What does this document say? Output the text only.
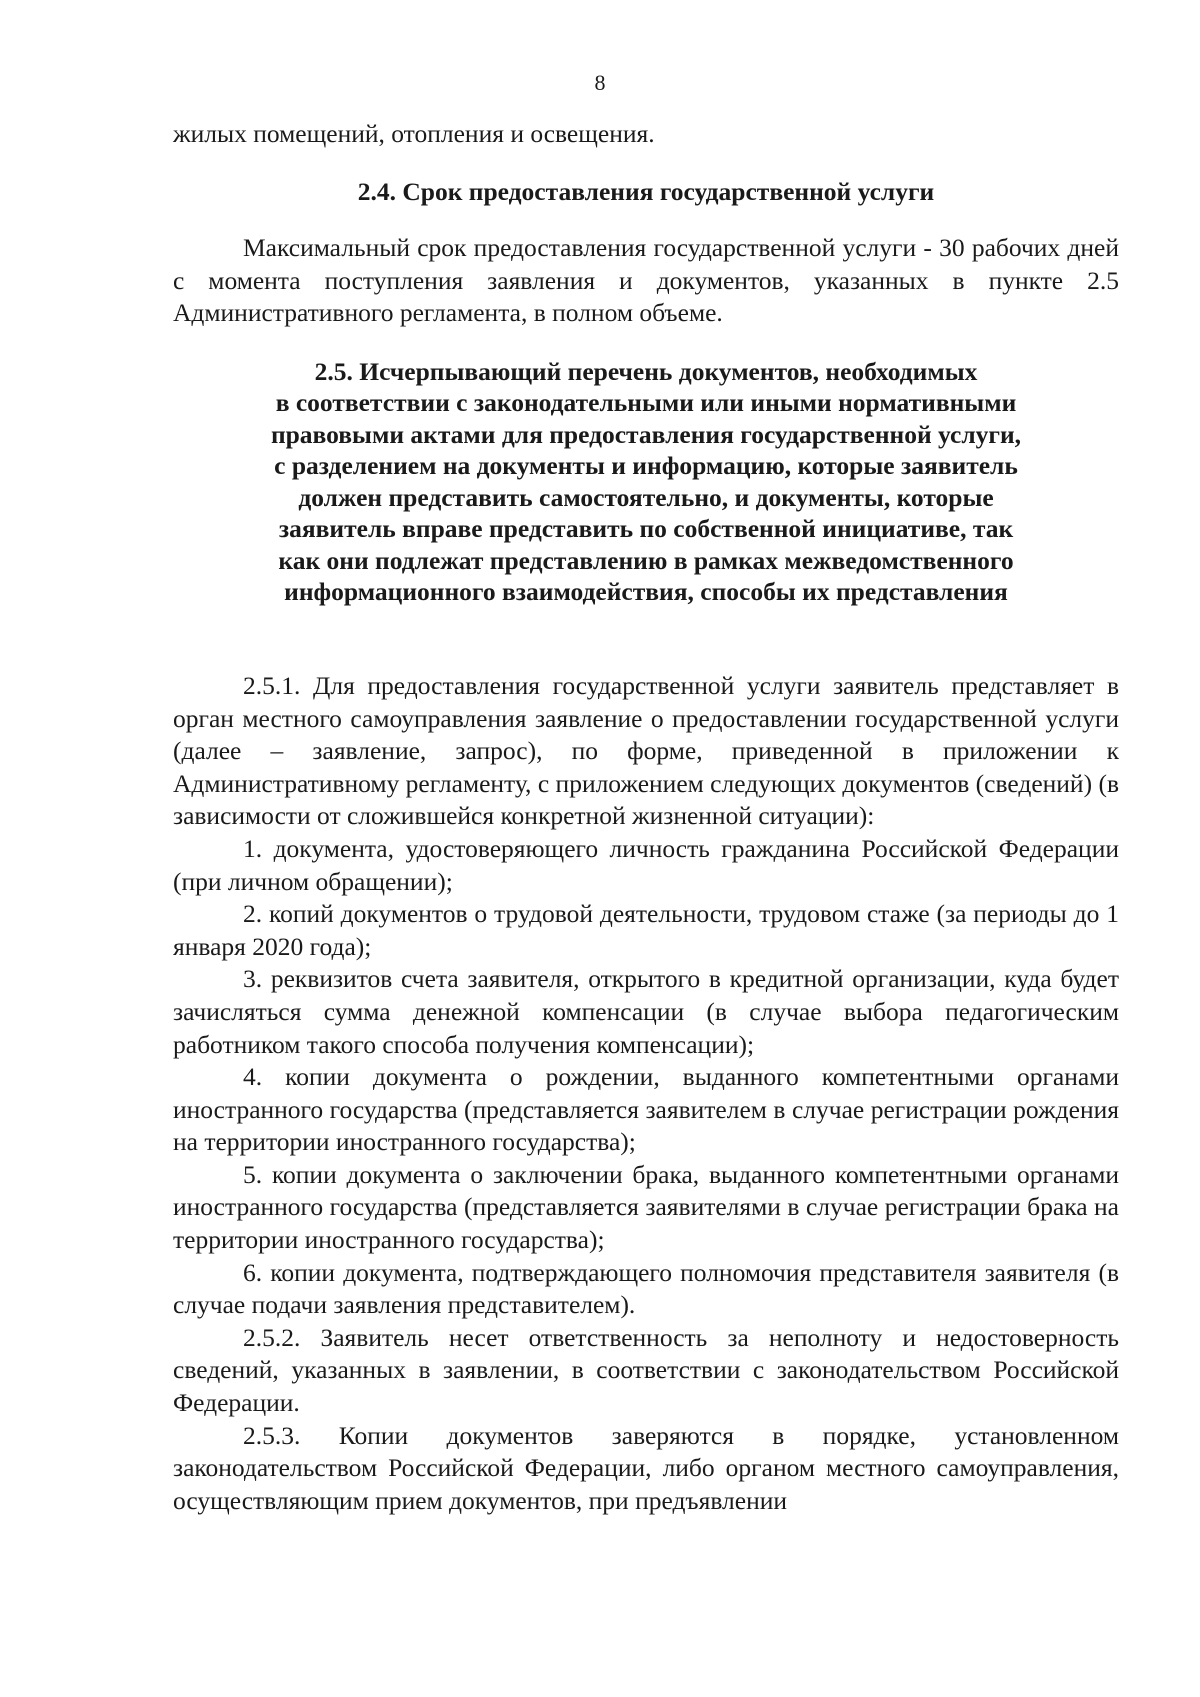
8

жилых помещений, отопления и освещения.

2.4. Срок предоставления государственной услуги

Максимальный срок предоставления государственной услуги - 30 рабочих дней с момента поступления заявления и документов, указанных в пункте 2.5 Административного регламента, в полном объеме.

2.5. Исчерпывающий перечень документов, необходимых
в соответствии с законодательными или иными нормативными
правовыми актами для предоставления государственной услуги,
с разделением на документы и информацию, которые заявитель
должен представить самостоятельно, и документы, которые
заявитель вправе представить по собственной инициативе, так
как они подлежат представлению в рамках межведомственного
информационного взаимодействия, способы их представления

2.5.1. Для предоставления государственной услуги заявитель представляет в орган местного самоуправления заявление о предоставлении государственной услуги (далее – заявление, запрос), по форме, приведенной в приложении к Административному регламенту, с приложением следующих документов (сведений) (в зависимости от сложившейся конкретной жизненной ситуации):

1. документа, удостоверяющего личность гражданина Российской Федерации (при личном обращении);

2. копий документов о трудовой деятельности, трудовом стаже (за периоды до 1 января 2020 года);

3. реквизитов счета заявителя, открытого в кредитной организации, куда будет зачисляться сумма денежной компенсации (в случае выбора педагогическим работником такого способа получения компенсации);

4. копии документа о рождении, выданного компетентными органами иностранного государства (представляется заявителем в случае регистрации рождения на территории иностранного государства);

5. копии документа о заключении брака, выданного компетентными органами иностранного государства (представляется заявителями в случае регистрации брака на территории иностранного государства);

6. копии документа, подтверждающего полномочия представителя заявителя (в случае подачи заявления представителем).

2.5.2. Заявитель несет ответственность за неполноту и недостоверность сведений, указанных в заявлении, в соответствии с законодательством Российской Федерации.

2.5.3. Копии документов заверяются в порядке, установленном законодательством Российской Федерации, либо органом местного самоуправления, осуществляющим прием документов, при предъявлении
